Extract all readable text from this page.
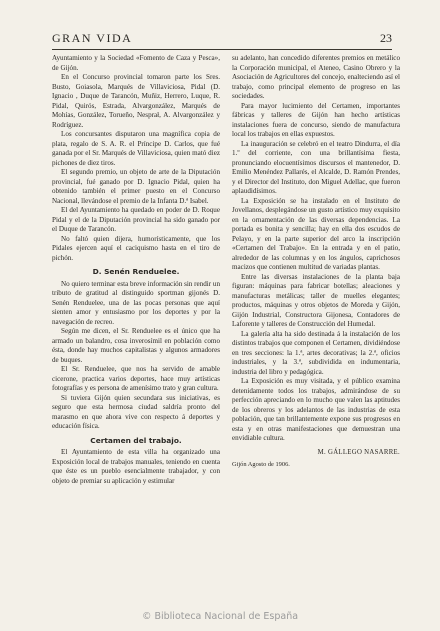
GRAN VIDA	23

Ayuntamiento y la Sociedad «Fomento de Caza y Pesca», de Gijón.

En el Concurso provincial tomaron parte los Sres. Busto, Goiasola, Marqués de Villaviciosa, Pidal (D. Ignacio , Duque de Tarancón, Muñiz, Herrero, Luque, R. Pidal, Quirós, Estrada, Alvargonzález, Marqués de Mohías, González, Torueño, Nesprał, A. Alvargonzález y Rodríguez.

Los concursantes disputaron una magnífica copia de plata, regalo de S. A. R. el Príncipe D. Carlos, que fué ganada por el Sr. Marqués de Villaviciosa, quien mató diez pichones de diez tiros.

El segundo premio, un objeto de arte de la Diputación provincial, fué ganado por D. Ignacio Pidal, quien ha obtenido también el primer puesto en el Concurso Nacional, llevándose el premio de la Infanta D.ª Isabel.

El del Ayuntamiento ha quedado en poder de D. Roque Pidal y el de la Diputación provincial ha sido ganado por el Duque de Tarancón.

No faltó quien dijera, humorísticamente, que los Pidales ejercen aquí el caciquismo hasta en el tiro de pichón.

D. Senén Renduelee.

No quiero terminar esta breve información sin rendir un tributo de gratitud al distinguido sportman gijonés D. Senén Renduelee, una de las pocas personas que aquí sienten amor y entusiasmo por los deportes y por la navegación de recreo.

Según me dicen, el Sr. Renduelee es el único que ha armado un balandro, cosa inverosímil en población como ésta, donde hay muchos capitalistas y algunos armadores de buques.

El Sr. Renduelee, que nos ha servido de amable cicerone, practica varios deportes, hace muy artísticas fotografías y es persona de amenísimo trato y gran cultura.

Si tuviera Gijón quien secundara sus iniciativas, es seguro que esta hermosa ciudad saldría pronto del marasmo en que ahora vive con respecto á deportes y educación física.

Certamen del trabajo.

El Ayuntamiento de esta villa ha organizado una Exposición local de trabajos manuales, teniendo en cuenta que éste es un pueblo esencialmente trabajador, y con objeto de premiar su aplicación y estimular

su adelanto, han concedido diferentes premios en metálico la Corporación municipal, el Ateneo, Casino Obrero y la Asociación de Agricultores del concejo, enalteciendo así el trabajo, como principal elemento de progreso en las sociedades.

Para mayor lucimiento del Certamen, importantes fábricas y talleres de Gijón han hecho artísticas instalaciones fuera de concurso, siendo de manufactura local los trabajos en ellas expuestos.

La inauguración se celebró en el teatro Dindurra, el día 1.º del corriente, con una brillantísima fiesta, pronunciando elocuentísimos discursos el mantenedor, D. Emilio Menéndez Pallarés, el Alcalde, D. Ramón Prendes, y el Director del Instituto, don Miguel Adellac, que fueron aplaudidísimos.

La Exposición se ha instalado en el Instituto de Jovellanos, desplegándose un gusto artístico muy exquisito en la ornamentación de las diversas dependencias. La portada es bonita y sencilla; hay en ella dos escudos de Pelayo, y en la parte superior del arco la inscripción «Certamen del Trabajo». En la entrada y en el patio, alrededor de las columnas y en los ángulos, caprichosos macizos que contienen multitud de variadas plantas.

Entre las diversas instalaciones de la planta baja figuran: máquinas para fabricar botellas; aleaciones y manufacturas metálicas; taller de muelles elegantes; productos, máquinas y otros objetos de Moreda y Gijón, Gijón Industrial, Constructora Gijonesa, Contadores de Laforente y talleres de Construcción del Humedal.

La galería alta ha sido destinada á la instalación de los distintos trabajos que componen el Certamen, dividiéndose en tres secciones: la 1.ª, artes decorativas; la 2.ª, oficios industriales, y la 3.ª, subdividida en indumentaria, industria del libro y pedagógica.

La Exposición es muy visitada, y el público examina detenidamente todos los trabajos, admirándose de su perfección apreciando en lo mucho que valen las aptitudes de los obreros y los adelantos de las industrias de esta población, que tan brillantemente expone sus progresos en esta y en otras manifestaciones que demuestran una envidiable cultura.

M. GÁLLEGO NASARRE.
Gijón Agosto de 1906.
© Biblioteca Nacional de España
